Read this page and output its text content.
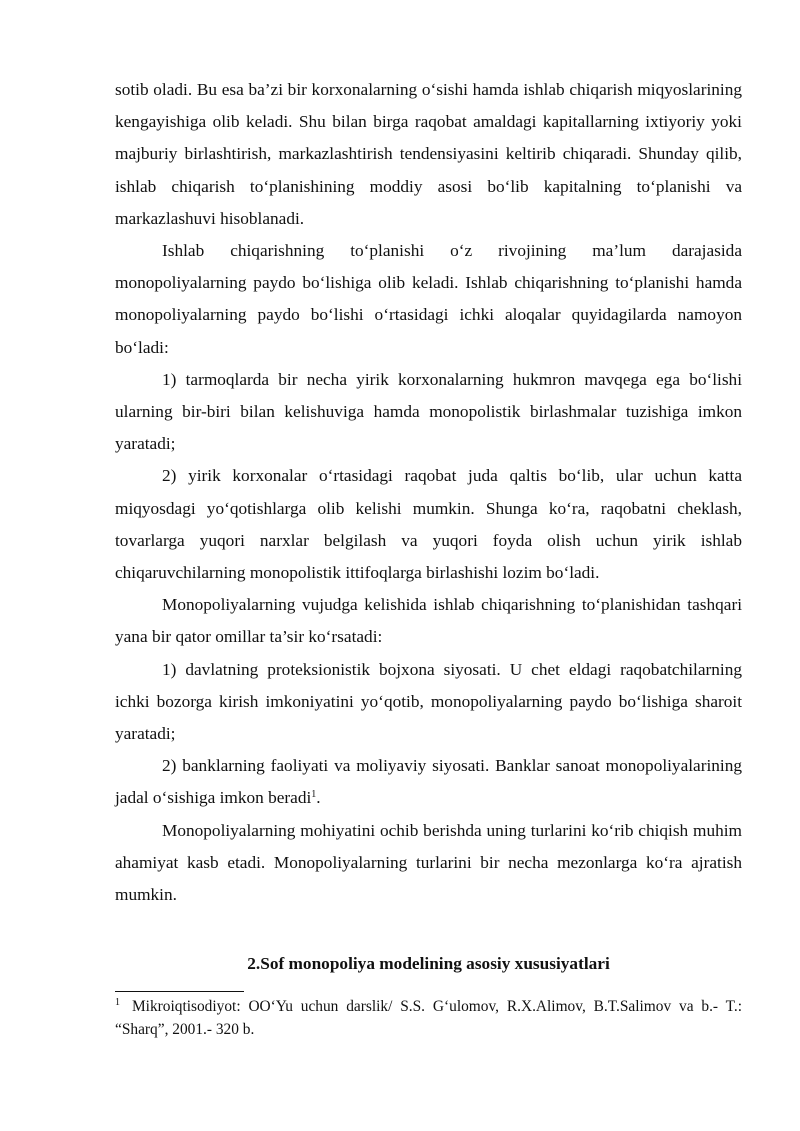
sotib oladi. Bu esa ba’zi bir korxonalarning o‘sishi hamda ishlab chiqarish miqyoslarining kengayishiga olib keladi. Shu bilan birga raqobat amaldagi kapitallarning ixtiyoriy yoki majburiy birlashtirish, markazlashtirish tendensiyasini keltirib chiqaradi. Shunday qilib, ishlab chiqarish to‘planishining moddiy asosi bo‘lib kapitalning to‘planishi va markazlashuvi hisoblanadi.

Ishlab chiqarishning to‘planishi o‘z rivojining ma’lum darajasida monopoliyalarning paydo bo‘lishiga olib keladi. Ishlab chiqarishning to‘planishi hamda monopoliyalarning paydo bo‘lishi o‘rtasidagi ichki aloqalar quyidagilarda namoyon bo‘ladi:

1) tarmoqlarda bir necha yirik korxonalarning hukmron mavqega ega bo‘lishi ularning bir-biri bilan kelishuviga hamda monopolistik birlashmalar tuzishiga imkon yaratadi;

2) yirik korxonalar o‘rtasidagi raqobat juda qaltis bo‘lib, ular uchun katta miqyosdagi yo‘qotishlarga olib kelishi mumkin. Shunga ko‘ra, raqobatni cheklash, tovarlarga yuqori narxlar belgilash va yuqori foyda olish uchun yirik ishlab chiqaruvchilarning monopolistik ittifoqlarga birlashishi lozim bo‘ladi.

Monopoliyalarning vujudga kelishida ishlab chiqarishning to‘planishidan tashqari yana bir qator omillar ta’sir ko‘rsatadi:

1) davlatning proteksionistik bojxona siyosati. U chet eldagi raqobatchilarning ichki bozorga kirish imkoniyatini yo‘qotib, monopoliyalarning paydo bo‘lishiga sharoit yaratadi;

2) banklarning faoliyati va moliyaviy siyosati. Banklar sanoat monopoliyalarining jadal o‘sishiga imkon beradi$^1$.

Monopoliyalarning mohiyatini ochib berishda uning turlarini ko‘rib chiqish muhim ahamiyat kasb etadi. Monopoliyalarning turlarini bir necha mezonlarga ko‘ra ajratish mumkin.

2.Sof monopoliya modelining asosiy xususiyatlari
$^1$ Mikroiqtisodiyot: OO‘Yu uchun darslik/ S.S. G‘ulomov, R.X.Alimov, B.T.Salimov va b.- T.: “Sharq”, 2001.- 320 b.
